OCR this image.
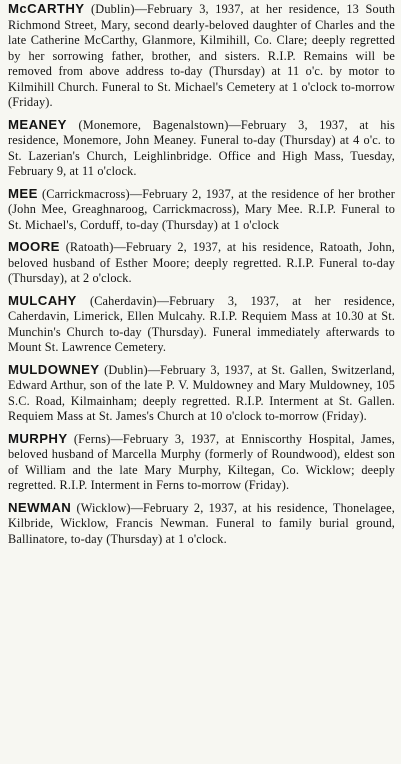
McCARTHY (Dublin)—February 3, 1937, at her residence, 13 South Richmond Street, Mary, second dearly-beloved daughter of Charles and the late Catherine McCarthy, Glanmore, Kilmihill, Co. Clare; deeply regretted by her sorrowing father, brother, and sisters. R.I.P. Remains will be removed from above address to-day (Thursday) at 11 o'c. by motor to Kilmihill Church. Funeral to St. Michael's Cemetery at 1 o'clock to-morrow (Friday).

MEANEY (Monemore, Bagenalstown)—February 3, 1937, at his residence, Monemore, John Meaney. Funeral to-day (Thursday) at 4 o'c. to St. Lazerian's Church, Leighlinbridge. Office and High Mass, Tuesday, February 9, at 11 o'clock.

MEE (Carrickmacross)—February 2, 1937, at the residence of her brother (John Mee, Greaghnaroog, Carrickmacross), Mary Mee. R.I.P. Funeral to St. Michael's, Corduff, to-day (Thursday) at 1 o'clock

MOORE (Ratoath)—February 2, 1937, at his residence, Ratoath, John, beloved husband of Esther Moore; deeply regretted. R.I.P. Funeral to-day (Thursday), at 2 o'clock.

MULCAHY (Caherdavin)—February 3, 1937, at her residence, Caherdavin, Limerick, Ellen Mulcahy. R.I.P. Requiem Mass at 10.30 at St. Munchin's Church to-day (Thursday). Funeral immediately afterwards to Mount St. Lawrence Cemetery.

MULDOWNEY (Dublin)—February 3, 1937, at St. Gallen, Switzerland, Edward Arthur, son of the late P. V. Muldowney and Mary Muldowney, 105 S.C. Road, Kilmainham; deeply regretted. R.I.P. Interment at St. Gallen. Requiem Mass at St. James's Church at 10 o'clock to-morrow (Friday).

MURPHY (Ferns)—February 3, 1937, at Enniscorthy Hospital, James, beloved husband of Marcella Murphy (formerly of Roundwood), eldest son of William and the late Mary Murphy, Kiltegan, Co. Wicklow; deeply regretted. R.I.P. Interment in Ferns to-morrow (Friday).

NEWMAN (Wicklow)—February 2, 1937, at his residence, Thonelagee, Kilbride, Wicklow, Francis Newman. Funeral to family burial ground, Ballinatore, to-day (Thursday) at 1 o'clock.
